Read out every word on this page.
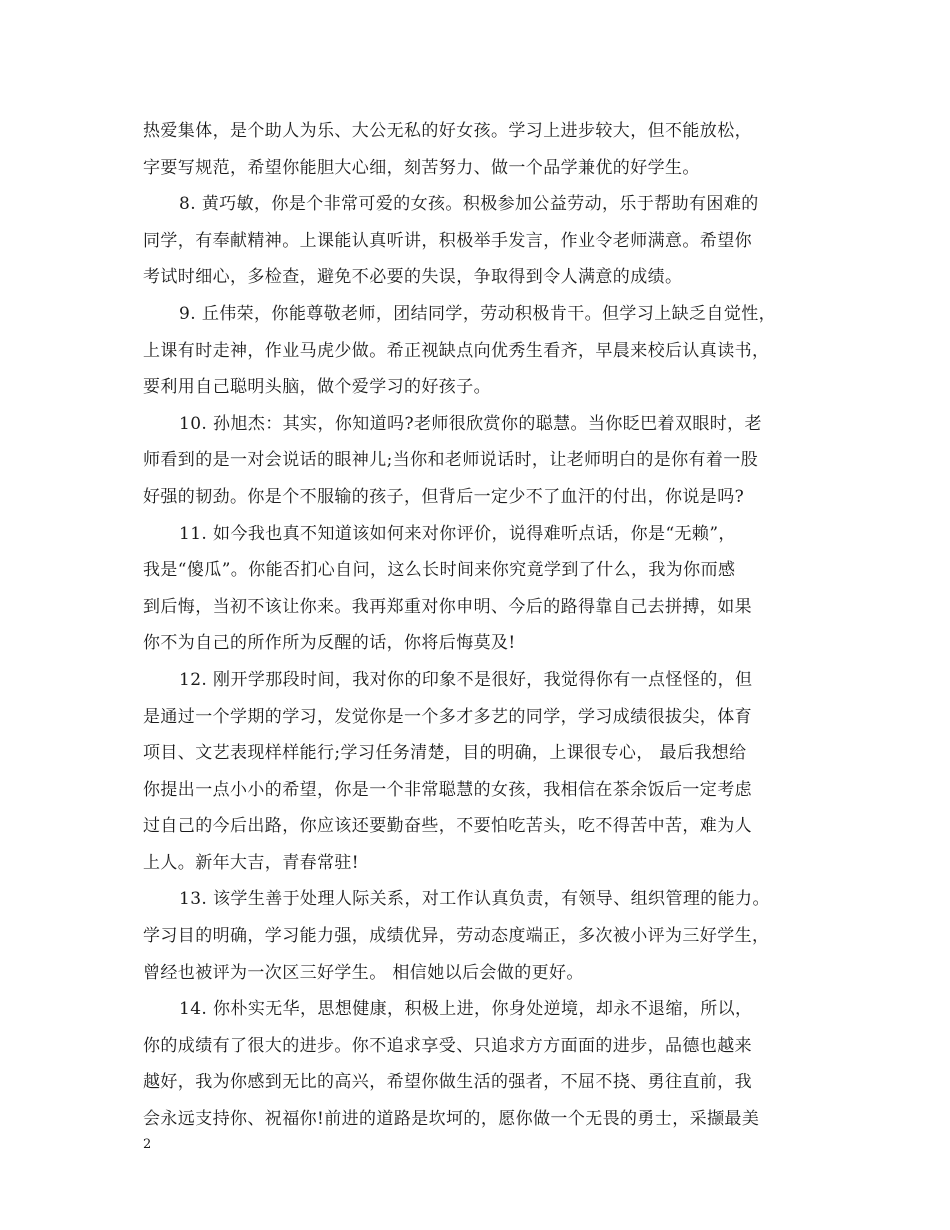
热爱集体，是个助人为乐、大公无私的好女孩。学习上进步较大，但不能放松，
字要写规范，希望你能胆大心细，刻苦努力、做一个品学兼优的好学生。
8. 黄巧敏，你是个非常可爱的女孩。积极参加公益劳动，乐于帮助有困难的
同学，有奉献精神。上课能认真听讲，积极举手发言，作业令老师满意。希望你
考试时细心，多检查，避免不必要的失误，争取得到令人满意的成绩。
9. 丘伟荣，你能尊敬老师，团结同学，劳动积极肯干。但学习上缺乏自觉性，
上课有时走神，作业马虎少做。希正视缺点向优秀生看齐，早晨来校后认真读书，
要利用自己聪明头脑，做个爱学习的好孩子。
10. 孙旭杰：其实，你知道吗?老师很欣赏你的聪慧。当你眨巴着双眼时，老
师看到的是一对会说话的眼神儿;当你和老师说话时，让老师明白的是你有着一股
好强的韧劲。你是个不服输的孩子，但背后一定少不了血汗的付出，你说是吗?
11. 如今我也真不知道该如何来对你评价，说得难听点话，你是“无赖”，
我是“傻瓜”。你能否扪心自问，这么长时间来你究竟学到了什么，我为你而感
到后悔，当初不该让你来。我再郑重对你申明、今后的路得靠自己去拼搏，如果
你不为自己的所作所为反醒的话，你将后悔莫及!
12. 刚开学那段时间，我对你的印象不是很好，我觉得你有一点怪怪的，但
是通过一个学期的学习，发觉你是一个多才多艺的同学，学习成绩很拔尖，体育
项目、文艺表现样样能行;学习任务清楚，目的明确，上课很专心， 最后我想给
你提出一点小小的希望，你是一个非常聪慧的女孩，我相信在茶余饭后一定考虑
过自己的今后出路，你应该还要勤奋些，不要怕吃苦头，吃不得苦中苦，难为人
上人。新年大吉，青春常驻!
13. 该学生善于处理人际关系，对工作认真负责，有领导、组织管理的能力。
学习目的明确，学习能力强，成绩优异，劳动态度端正，多次被小评为三好学生，
曾经也被评为一次区三好学生。 相信她以后会做的更好。
14. 你朴实无华，思想健康，积极上进，你身处逆境，却永不退缩，所以，
你的成绩有了很大的进步。你不追求享受、只追求方方面面的进步，品德也越来
越好，我为你感到无比的高兴，希望你做生活的强者，不屈不挠、勇往直前，我
会永远支持你、祝福你!前进的道路是坎坷的，愿你做一个无畏的勇士，采撷最美
2
